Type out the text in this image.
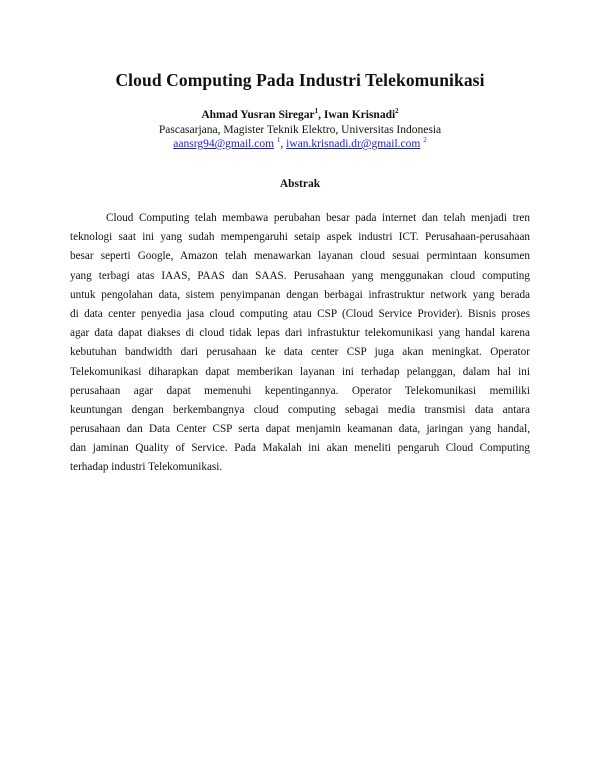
Cloud Computing Pada Industri Telekomunikasi
Ahmad Yusran Siregar$^1$, Iwan Krisnadi$^2$
Pascasarjana, Magister Teknik Elektro, Universitas Indonesia
aansrg94@gmail.com $^1$, iwan.krisnadi.dr@gmail.com $^2$
Abstrak
Cloud Computing telah membawa perubahan besar pada internet dan telah menjadi tren
teknologi saat ini yang sudah mempengaruhi setaip aspek industri ICT. Perusahaan-perusahaan
besar seperti Google, Amazon telah menawarkan layanan cloud sesuai permintaan konsumen
yang terbagi atas IAAS, PAAS dan SAAS. Perusahaan yang menggunakan cloud computing
untuk pengolahan data, sistem penyimpanan dengan berbagai infrastruktur network yang berada
di data center penyedia jasa cloud computing atau CSP (Cloud Service Provider). Bisnis proses
agar data dapat diakses di cloud tidak lepas dari infrastuktur telekomunikasi yang handal karena
kebutuhan bandwidth dari perusahaan ke data center CSP juga akan meningkat. Operator
Telekomunikasi diharapkan dapat memberikan layanan ini terhadap pelanggan, dalam hal ini
perusahaan agar dapat memenuhi kepentingannya. Operator Telekomunikasi memiliki
keuntungan dengan berkembangnya cloud computing sebagai media transmisi data antara
perusahaan dan Data Center CSP serta dapat menjamin keamanan data, jaringan yang handal,
dan jaminan Quality of Service. Pada Makalah ini akan meneliti pengaruh Cloud Computing
terhadap industri Telekomunikasi.
